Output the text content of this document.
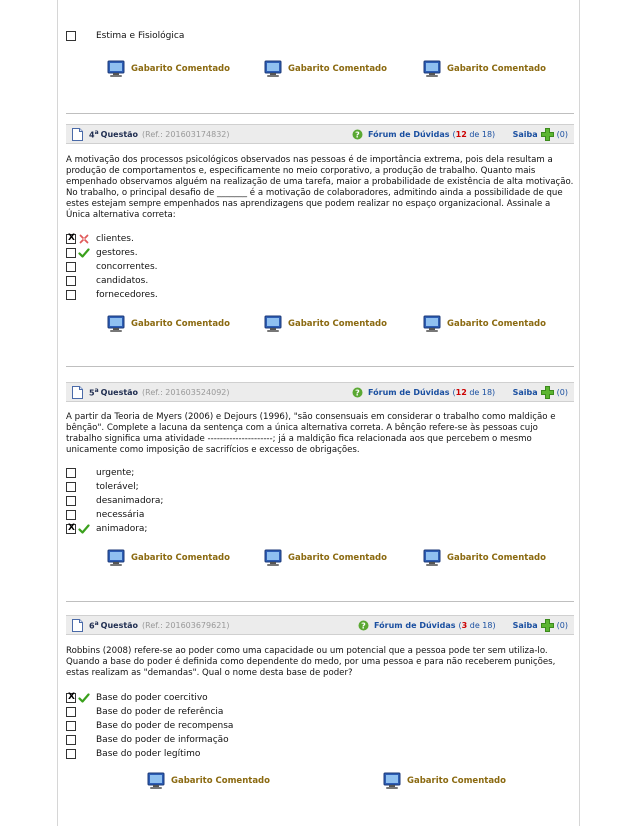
Estima e Fisiológica
Gabarito Comentado	Gabarito Comentado	Gabarito Comentado
4$^a$ Questão (Ref.: 201603174832)	? Fórum de Dúvidas (12 de 18) Saiba (0)
A motivação dos processos psicológicos observados nas pessoas é de importância extrema, pois dela resultam a produção de comportamentos e, especificamente no meio corporativo, a produção de trabalho. Quanto mais empenhado observamos alguém na realização de uma tarefa, maior a probabilidade de existência de alta motivação. No trabalho, o principal desafio de _______ é a motivação de colaboradores, admitindo ainda a possibilidade de que estes estejam sempre empenhados nas aprendizagens que podem realizar no espaço organizacional. Assinale a Única alternativa correta:
X
clientes.
gestores.
concorrentes.
candidatos.
fornecedores.
Gabarito Comentado	Gabarito Comentado	Gabarito Comentado
5$^a$ Questão (Ref.: 201603524092)	? Fórum de Dúvidas (12 de 18) Saiba (0)
A partir da Teoria de Myers (2006) e Dejours (1996), "são consensuais em considerar o trabalho como maldição e bênção". Complete a lacuna da sentença com a única alternativa correta. A bênção refere-se às pessoas cujo trabalho significa uma atividade ---------------------; já a maldição fica relacionada aos que percebem o mesmo unicamente como imposição de sacrifícios e excesso de obrigações.
urgente;
tolerável;
desanimadora;
necessária
X
animadora;
Gabarito Comentado	Gabarito Comentado	Gabarito Comentado
6$^a$ Questão (Ref.: 201603679621)	? Fórum de Dúvidas (3 de 18) Saiba (0)
Robbins (2008) refere-se ao poder como uma capacidade ou um potencial que a pessoa pode ter sem utiliza-lo. Quando a base do poder é definida como dependente do medo, por uma pessoa e para não receberem punições, estas realizam as "demandas". Qual o nome desta base de poder?
X
Base do poder coercitivo
Base do poder de referência
Base do poder de recompensa
Base do poder de informação
Base do poder legítimo
Gabarito Comentado	Gabarito Comentado
